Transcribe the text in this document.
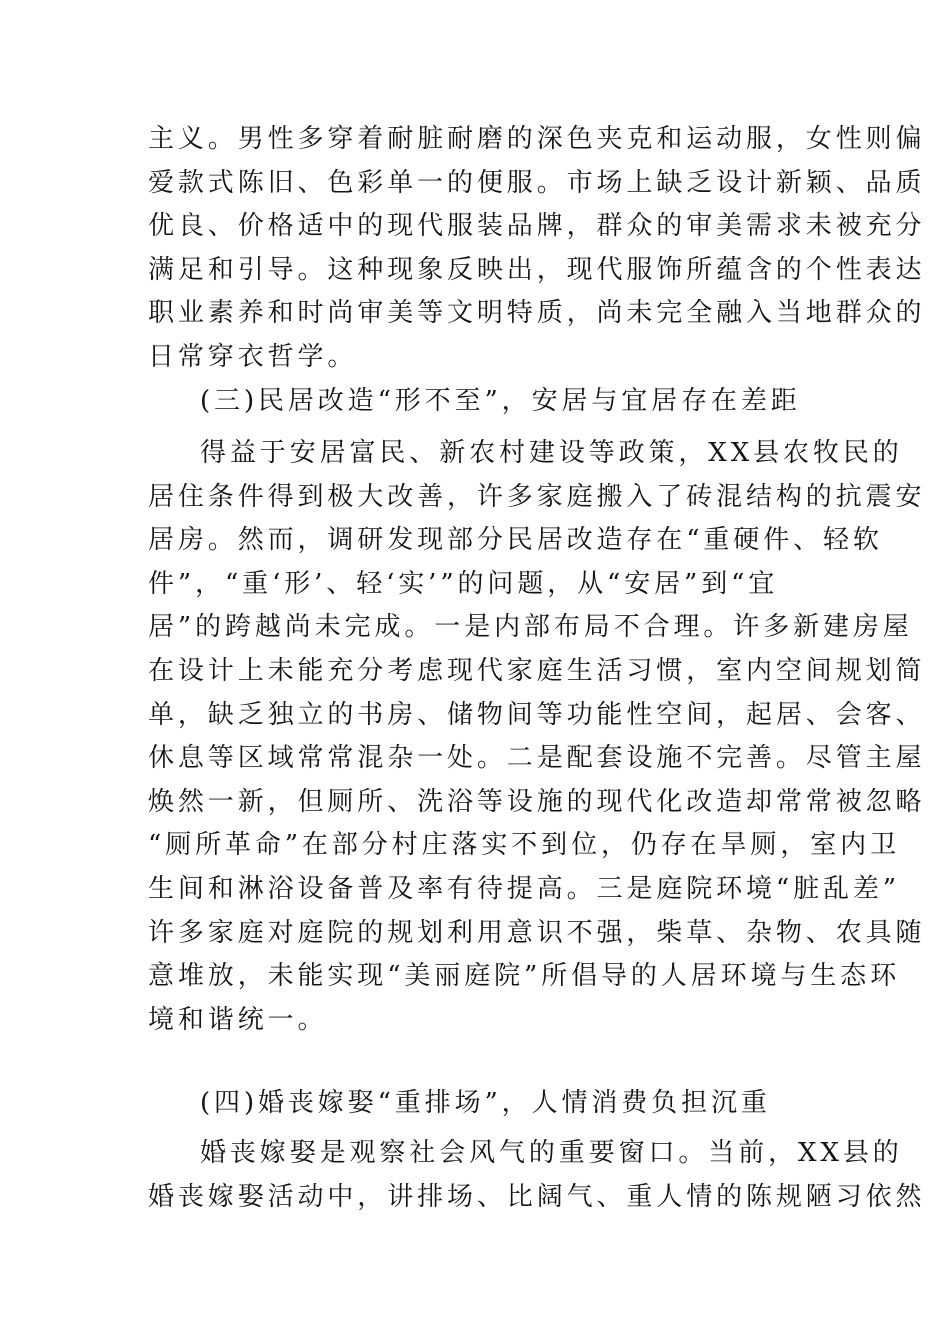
主义。男性多穿着耐脏耐磨的深色夹克和运动服，女性则偏
爱款式陈旧、色彩单一的便服。市场上缺乏设计新颖、品质
优良、价格适中的现代服装品牌，群众的审美需求未被充分
满足和引导。这种现象反映出，现代服饰所蕴含的个性表达
职业素养和时尚审美等文明特质，尚未完全融入当地群众的
日常穿衣哲学。
(三)民居改造“形不至”，安居与宜居存在差距
得益于安居富民、新农村建设等政策，XX县农牧民的
居住条件得到极大改善，许多家庭搬入了砖混结构的抗震安
居房。然而，调研发现部分民居改造存在“重硬件、轻软
件”，“重‘形’、轻‘实’”的问题，从“安居”到“宜
居”的跨越尚未完成。一是内部布局不合理。许多新建房屋
在设计上未能充分考虑现代家庭生活习惯，室内空间规划简
单，缺乏独立的书房、储物间等功能性空间，起居、会客、
休息等区域常常混杂一处。二是配套设施不完善。尽管主屋
焕然一新，但厕所、洗浴等设施的现代化改造却常常被忽略
“厕所革命”在部分村庄落实不到位，仍存在旱厕，室内卫
生间和淋浴设备普及率有待提高。三是庭院环境“脏乱差”
许多家庭对庭院的规划利用意识不强，柴草、杂物、农具随
意堆放，未能实现“美丽庭院”所倡导的人居环境与生态环
境和谐统一。
(四)婚丧嫁娶“重排场”，人情消费负担沉重
婚丧嫁娶是观察社会风气的重要窗口。当前，XX县的
婚丧嫁娶活动中，讲排场、比阔气、重人情的陈规陋习依然
